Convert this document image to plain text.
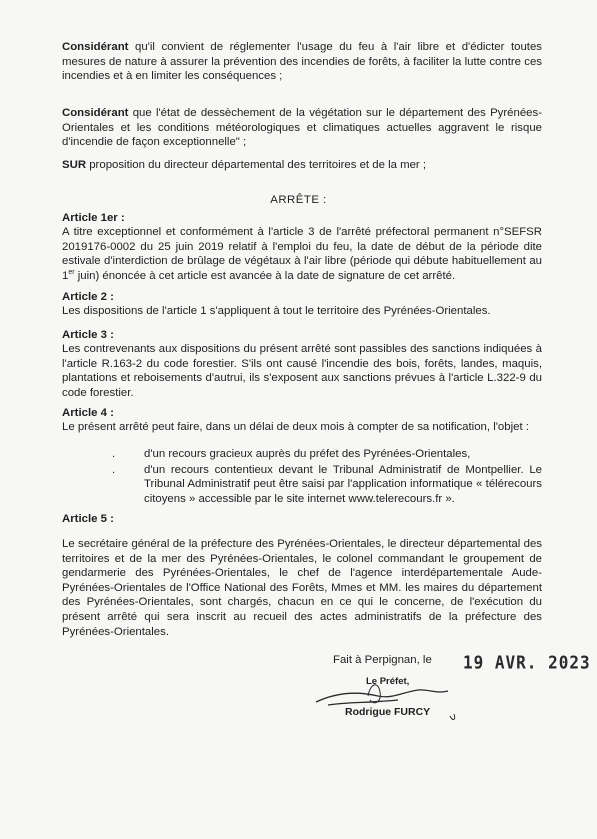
Considérant qu'il convient de réglementer l'usage du feu à l'air libre et d'édicter toutes mesures de nature à assurer la prévention des incendies de forêts, à faciliter la lutte contre ces incendies et à en limiter les conséquences ;

Considérant que l'état de dessèchement de la végétation sur le département des Pyrénées-Orientales et les conditions météorologiques et climatiques actuelles aggravent le risque d'incendie de façon exceptionnelle" ;

SUR proposition du directeur départemental des territoires et de la mer ;

ARRÊTE :

Article 1er :

A titre exceptionnel et conformément à l'article 3 de l'arrêté préfectoral permanent n°SEFSR 2019176-0002 du 25 juin 2019 relatif à l'emploi du feu, la date de début de la période dite estivale d'interdiction de brûlage de végétaux à l'air libre (période qui débute habituellement au 1er juin) énoncée à cet article est avancée à la date de signature de cet arrêté.

Article 2 :

Les dispositions de l'article 1 s'appliquent à tout le territoire des Pyrénées-Orientales.

Article 3 :

Les contrevenants aux dispositions du présent arrêté sont passibles des sanctions indiquées à l'article R.163-2 du code forestier. S'ils ont causé l'incendie des bois, forêts, landes, maquis, plantations et reboisements d'autrui, ils s'exposent aux sanctions prévues à l'article L.322-9 du code forestier.

Article 4 :

Le présent arrêté peut faire, dans un délai de deux mois à compter de sa notification, l'objet :

.	d'un recours gracieux auprès du préfet des Pyrénées-Orientales,
.	d'un recours contentieux devant le Tribunal Administratif de Montpellier. Le Tribunal Administratif peut être saisi par l'application informatique « télérecours citoyens » accessible par le site internet www.telerecours.fr ».

Article 5 :

Le secrétaire général de la préfecture des Pyrénées-Orientales, le directeur départemental des territoires et de la mer des Pyrénées-Orientales, le colonel commandant le groupement de gendarmerie des Pyrénées-Orientales, le chef de l'agence interdépartementale Aude-Pyrénées-Orientales de l'Office National des Forêts, Mmes et MM. les maires du département des Pyrénées-Orientales, sont chargés, chacun en ce qui le concerne, de l'exécution du présent arrêté qui sera inscrit au recueil des actes administratifs de la préfecture des Pyrénées-Orientales.

Fait à Perpignan, le 19 AVR. 2023
Le Préfet,
Rodrigue FURCY
